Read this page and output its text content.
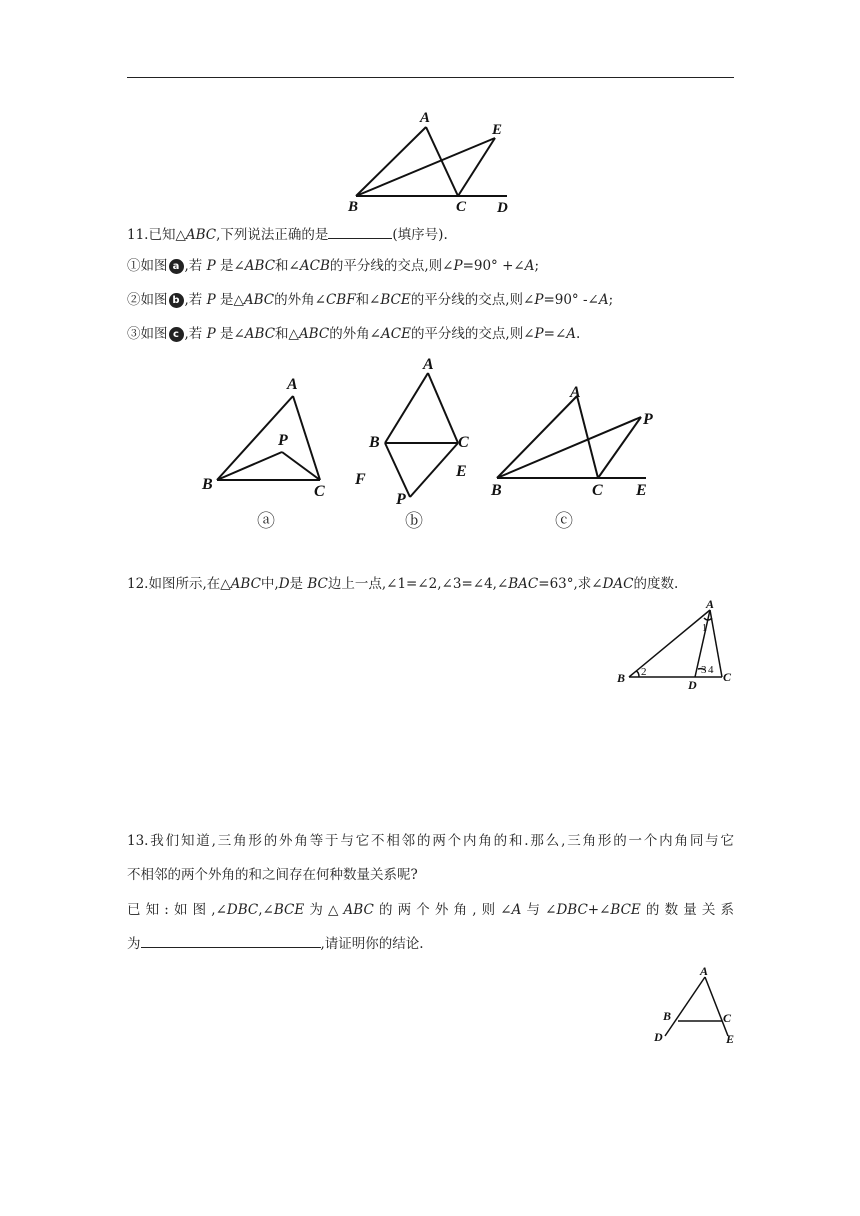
A
E
B	C D
11.已知△ABC,下列说法正确的是	(填序号).
①如图 a ,若 P 是∠ABC和∠ACB的平分线的交点,则∠P=90° +∠A;
②如图 b ,若 P 是△ABC的外角∠CBF和∠BCE的平分线的交点,则∠P=90° -∠A;
③如图 c ,若 P 是∠ABC和△ABC的外角∠ACE的平分线的交点,则∠P=∠A.
A
P
B	C
ⓐ
A
B	C
F	E
P
ⓑ
A
P
B	C E
ⓒ
12.如图所示,在△ABC中,D是 BC边上一点,∠1=∠2,∠3=∠4,∠BAC=63°,求∠DAC的度数.
A
B	C
D
1
2	3 4
13.我们知道,三角形的外角等于与它不相邻的两个内角的和.那么,三角形的一个内角同与它
不相邻的两个外角的和之间存在何种数量关系呢?
已知:如图,∠DBC,∠BCE为△ABC的两个外角,则∠A与∠DBC+∠BCE的数量关系
为	,请证明你的结论.
A
B	C
D	E
